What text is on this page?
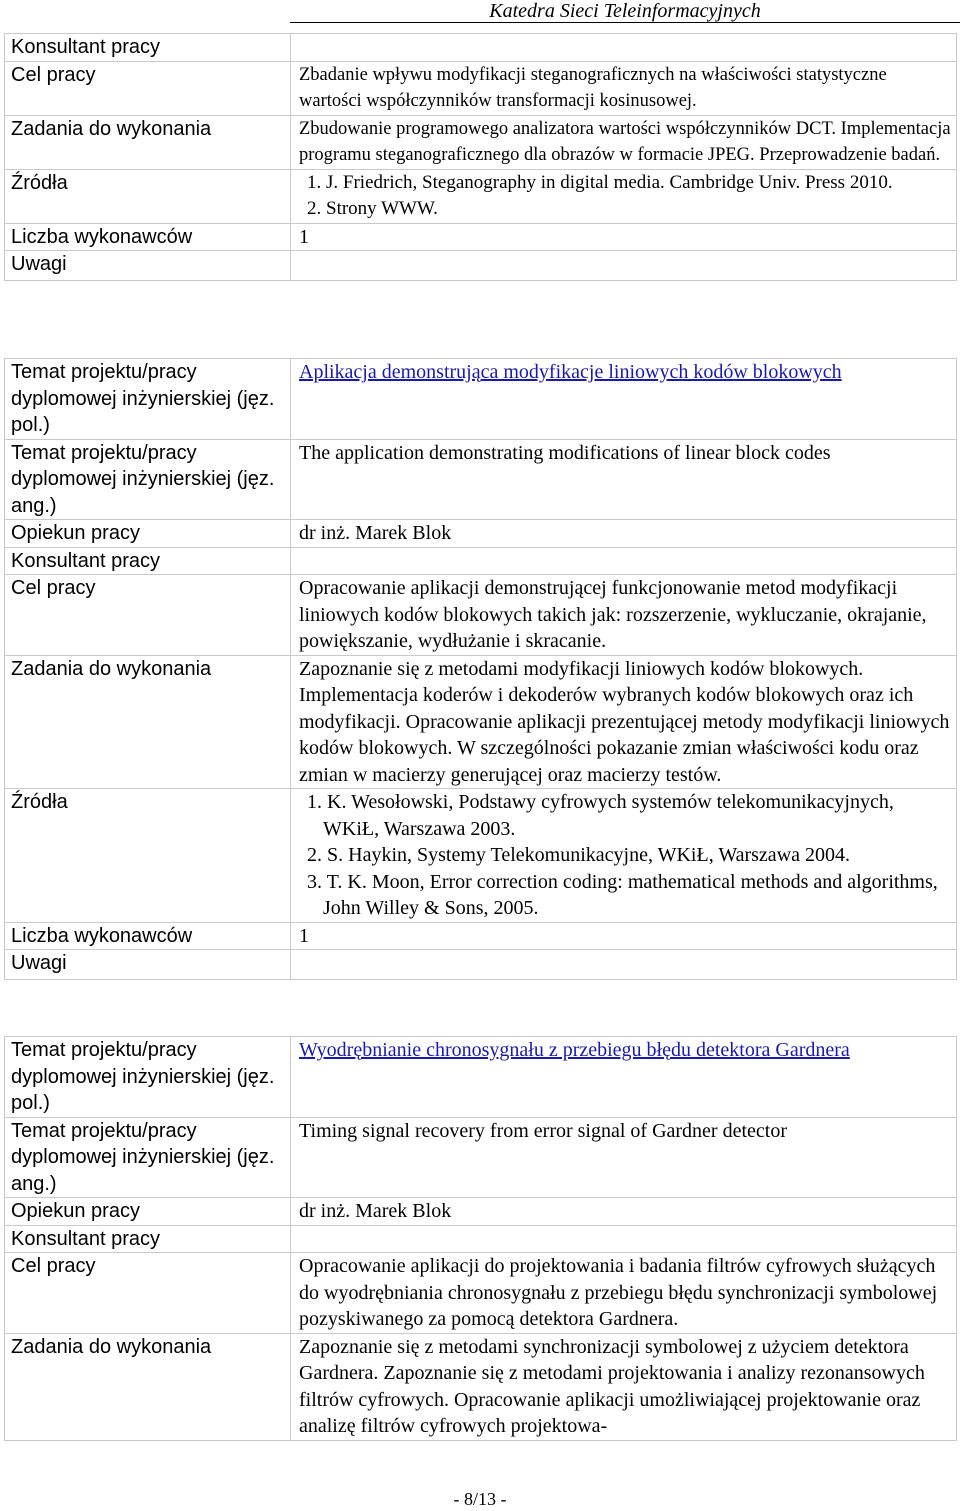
Katedra Sieci Teleinformacyjnych
Konsultant pracy	
Cel pracy	Zbadanie wpływu modyfikacji steganograficznych na właściwości statystyczne wartości współczynników transformacji kosinusowej.
Zadania do wykonania	Zbudowanie programowego analizatora wartości współczynników DCT. Implementacja programu steganograficznego dla obrazów w formacie JPEG. Przeprowadzenie badań.
Źródła	1. J. Friedrich, Steganography in digital media. Cambridge Univ. Press 2010.
2. Strony WWW.

Liczba wykonawców	1
Uwagi	
Temat projektu/pracy dyplomowej inżynierskiej (jęz. pol.)	Aplikacja demonstrująca modyfikacje liniowych kodów blokowych
Temat projektu/pracy dyplomowej inżynierskiej (jęz. ang.)	The application demonstrating modifications of linear block codes
Opiekun pracy	dr inż. Marek Blok
Konsultant pracy	
Cel pracy	Opracowanie aplikacji demonstrującej funkcjonowanie metod modyfikacji liniowych kodów blokowych takich jak: rozszerzenie, wykluczanie, okrajanie, powiększanie, wydłużanie i skracanie.
Zadania do wykonania	Zapoznanie się z metodami modyfikacji liniowych kodów blokowych. Implementacja koderów i dekoderów wybranych kodów blokowych oraz ich modyfikacji. Opracowanie aplikacji prezentującej metody modyfikacji liniowych kodów blokowych. W szczególności pokazanie zmian właściwości kodu oraz zmian w macierzy generującej oraz macierzy testów.
Źródła	1. K. Wesołowski, Podstawy cyfrowych systemów telekomunikacyjnych, WKiŁ, Warszawa 2003.
2. S. Haykin, Systemy Telekomunikacyjne, WKiŁ, Warszawa 2004.
3. T. K. Moon, Error correction coding: mathematical methods and algorithms, John Willey & Sons, 2005.

Liczba wykonawców	1
Uwagi	
Temat projektu/pracy dyplomowej inżynierskiej (jęz. pol.)	Wyodrębnianie chronosygnału z przebiegu błędu detektora Gardnera
Temat projektu/pracy dyplomowej inżynierskiej (jęz. ang.)	Timing signal recovery from error signal of Gardner detector
Opiekun pracy	dr inż. Marek Blok
Konsultant pracy	
Cel pracy	Opracowanie aplikacji do projektowania i badania filtrów cyfrowych służących do wyodrębniania chronosygnału z przebiegu błędu synchronizacji symbolowej pozyskiwanego za pomocą detektora Gardnera.
Zadania do wykonania	Zapoznanie się z metodami synchronizacji symbolowej z użyciem detektora Gardnera. Zapoznanie się z metodami projektowania i analizy rezonansowych filtrów cyfrowych. Opracowanie aplikacji umożliwiającej projektowanie oraz analizę filtrów cyfrowych projektowa-
- 8/13 -
